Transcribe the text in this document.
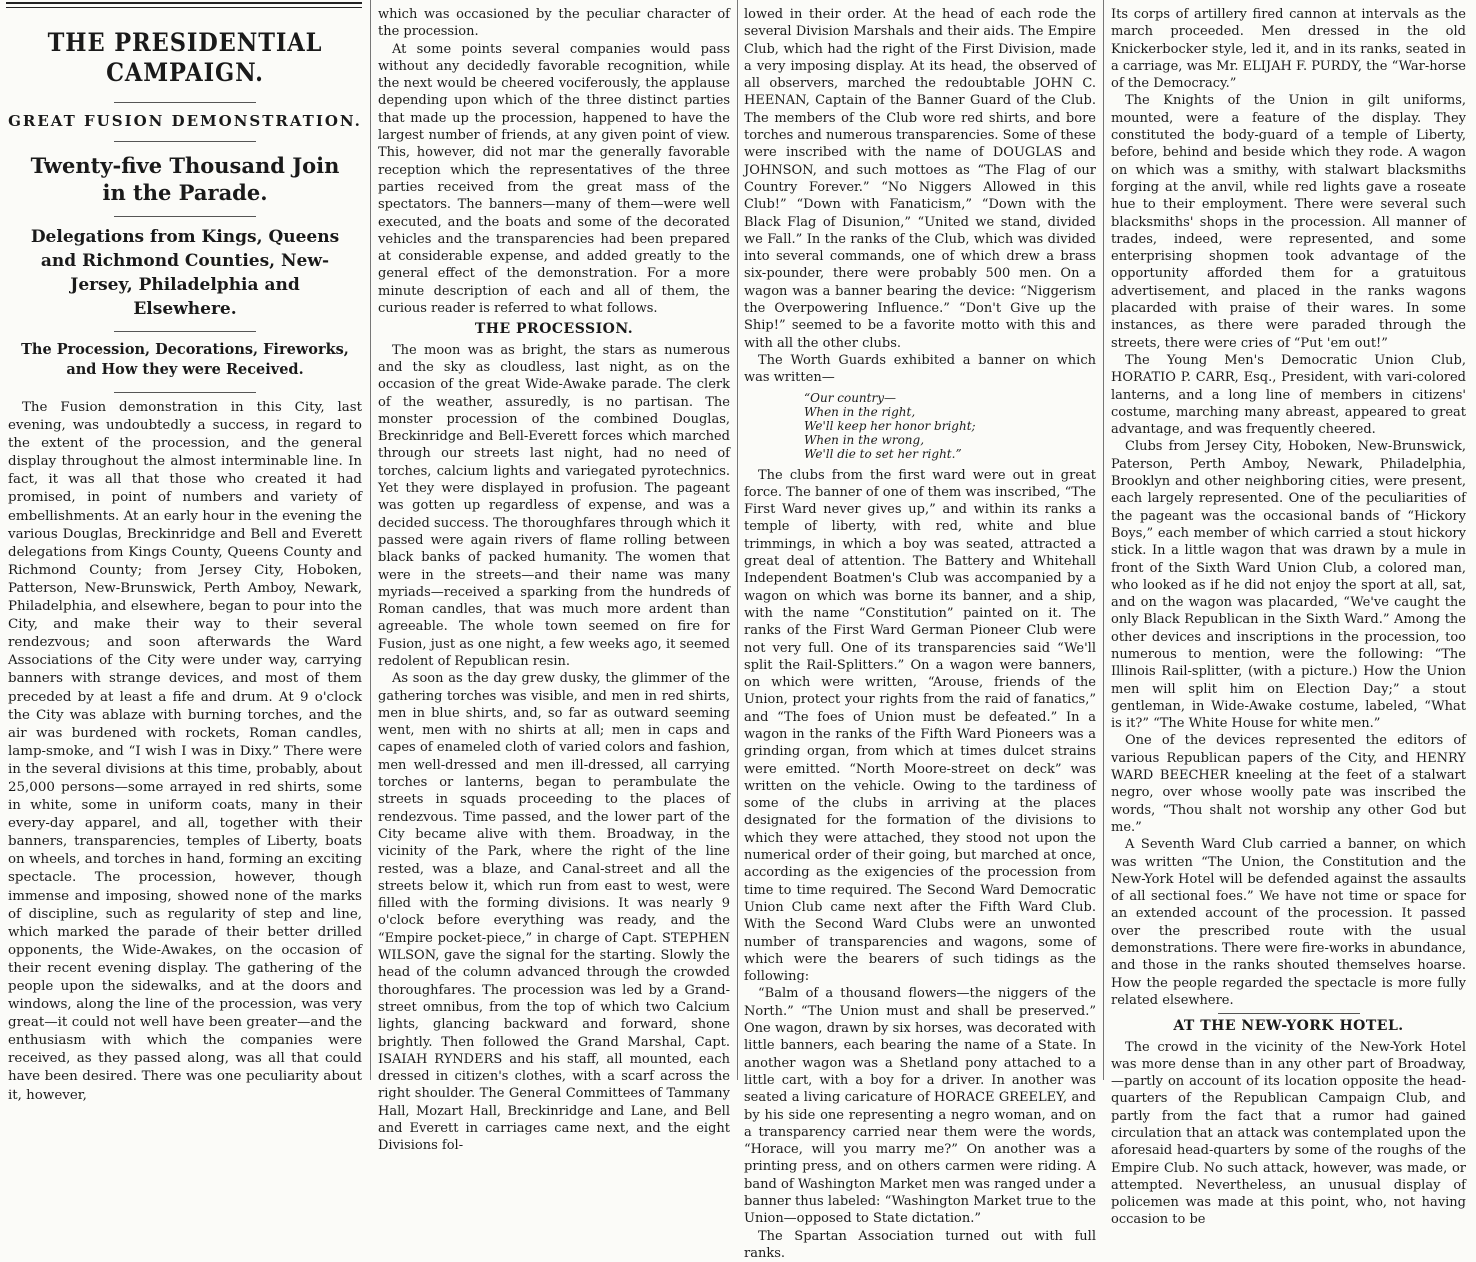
THE PRESIDENTIAL CAMPAIGN.
GREAT FUSION DEMONSTRATION.
Twenty-five Thousand Join in the Parade.
Delegations from Kings, Queens and Richmond Counties, New-Jersey, Philadelphia and Elsewhere.
The Procession, Decorations, Fireworks, and How they were Received.

The Fusion demonstration in this City, last evening, was undoubtedly a success, in regard to the extent of the procession, and the general display throughout the almost interminable line. In fact, it was all that those who created it had promised, in point of numbers and variety of embellishments. At an early hour in the evening the various Douglas, Breckinridge and Bell and Everett delegations from Kings County, Queens County and Richmond County; from Jersey City, Hoboken, Patterson, New-Brunswick, Perth Amboy, Newark, Philadelphia, and elsewhere, began to pour into the City, and make their way to their several rendezvous; and soon afterwards the Ward Associations of the City were under way, carrying banners with strange devices, and most of them preceded by at least a fife and drum. At 9 o'clock the City was ablaze with burning torches, and the air was burdened with rockets, Roman candles, lamp-smoke, and “I wish I was in Dixy.” There were in the several divisions at this time, probably, about 25,000 persons—some arrayed in red shirts, some in white, some in uniform coats, many in their every-day apparel, and all, together with their banners, transparencies, temples of Liberty, boats on wheels, and torches in hand, forming an exciting spectacle. The procession, however, though immense and imposing, showed none of the marks of discipline, such as regularity of step and line, which marked the parade of their better drilled opponents, the Wide-Awakes, on the occasion of their recent evening display. The gathering of the people upon the sidewalks, and at the doors and windows, along the line of the procession, was very great—it could not well have been greater—and the enthusiasm with which the companies were received, as they passed along, was all that could have been desired. There was one peculiarity about it, however,

which was occasioned by the peculiar character of the procession.

At some points several companies would pass without any decidedly favorable recognition, while the next would be cheered vociferously, the applause depending upon which of the three distinct parties that made up the procession, happened to have the largest number of friends, at any given point of view. This, however, did not mar the generally favorable reception which the representatives of the three parties received from the great mass of the spectators. The banners—many of them—were well executed, and the boats and some of the decorated vehicles and the transparencies had been prepared at considerable expense, and added greatly to the general effect of the demonstration. For a more minute description of each and all of them, the curious reader is referred to what follows.

THE PROCESSION.

The moon was as bright, the stars as numerous and the sky as cloudless, last night, as on the occasion of the great Wide-Awake parade. The clerk of the weather, assuredly, is no partisan. The monster procession of the combined Douglas, Breckinridge and Bell-Everett forces which marched through our streets last night, had no need of torches, calcium lights and variegated pyrotechnics. Yet they were displayed in profusion. The pageant was gotten up regardless of expense, and was a decided success. The thoroughfares through which it passed were again rivers of flame rolling between black banks of packed humanity. The women that were in the streets—and their name was many myriads—received a sparking from the hundreds of Roman candles, that was much more ardent than agreeable. The whole town seemed on fire for Fusion, just as one night, a few weeks ago, it seemed redolent of Republican resin.

As soon as the day grew dusky, the glimmer of the gathering torches was visible, and men in red shirts, men in blue shirts, and, so far as outward seeming went, men with no shirts at all; men in caps and capes of enameled cloth of varied colors and fashion, men well-dressed and men ill-dressed, all carrying torches or lanterns, began to perambulate the streets in squads proceeding to the places of rendezvous. Time passed, and the lower part of the City became alive with them. Broadway, in the vicinity of the Park, where the right of the line rested, was a blaze, and Canal-street and all the streets below it, which run from east to west, were filled with the forming divisions. It was nearly 9 o'clock before everything was ready, and the “Empire pocket-piece,” in charge of Capt. STEPHEN WILSON, gave the signal for the starting. Slowly the head of the column advanced through the crowded thoroughfares. The procession was led by a Grand-street omnibus, from the top of which two Calcium lights, glancing backward and forward, shone brightly. Then followed the Grand Marshal, Capt. ISAIAH RYNDERS and his staff, all mounted, each dressed in citizen's clothes, with a scarf across the right shoulder. The General Committees of Tammany Hall, Mozart Hall, Breckinridge and Lane, and Bell and Everett in carriages came next, and the eight Divisions fol-

lowed in their order. At the head of each rode the several Division Marshals and their aids. The Empire Club, which had the right of the First Division, made a very imposing display. At its head, the observed of all observers, marched the redoubtable JOHN C. HEENAN, Captain of the Banner Guard of the Club. The members of the Club wore red shirts, and bore torches and numerous transparencies. Some of these were inscribed with the name of DOUGLAS and JOHNSON, and such mottoes as “The Flag of our Country Forever.” “No Niggers Allowed in this Club!” “Down with Fanaticism,” “Down with the Black Flag of Disunion,” “United we stand, divided we Fall.” In the ranks of the Club, which was divided into several commands, one of which drew a brass six-pounder, there were probably 500 men. On a wagon was a banner bearing the device: “Niggerism the Overpowering Influence.” “Don't Give up the Ship!” seemed to be a favorite motto with this and with all the other clubs.

The Worth Guards exhibited a banner on which was written—

“Our country—
When in the right,
We'll keep her honor bright;
When in the wrong,
We'll die to set her right.”

The clubs from the first ward were out in great force. The banner of one of them was inscribed, “The First Ward never gives up,” and within its ranks a temple of liberty, with red, white and blue trimmings, in which a boy was seated, attracted a great deal of attention. The Battery and Whitehall Independent Boatmen's Club was accompanied by a wagon on which was borne its banner, and a ship, with the name “Constitution” painted on it. The ranks of the First Ward German Pioneer Club were not very full. One of its transparencies said “We'll split the Rail-Splitters.” On a wagon were banners, on which were written, “Arouse, friends of the Union, protect your rights from the raid of fanatics,” and “The foes of Union must be defeated.” In a wagon in the ranks of the Fifth Ward Pioneers was a grinding organ, from which at times dulcet strains were emitted. “North Moore-street on deck” was written on the vehicle. Owing to the tardiness of some of the clubs in arriving at the places designated for the formation of the divisions to which they were attached, they stood not upon the numerical order of their going, but marched at once, according as the exigencies of the procession from time to time required. The Second Ward Democratic Union Club came next after the Fifth Ward Club. With the Second Ward Clubs were an unwonted number of transparencies and wagons, some of which were the bearers of such tidings as the following:

“Balm of a thousand flowers—the niggers of the North.” “The Union must and shall be preserved.” One wagon, drawn by six horses, was decorated with little banners, each bearing the name of a State. In another wagon was a Shetland pony attached to a little cart, with a boy for a driver. In another was seated a living caricature of HORACE GREELEY, and by his side one representing a negro woman, and on a transparency carried near them were the words, “Horace, will you marry me?” On another was a printing press, and on others carmen were riding. A band of Washington Market men was ranged under a banner thus labeled: “Washington Market true to the Union—opposed to State dictation.”

The Spartan Association turned out with full ranks.

Its corps of artillery fired cannon at intervals as the march proceeded. Men dressed in the old Knickerbocker style, led it, and in its ranks, seated in a carriage, was Mr. ELIJAH F. PURDY, the “War-horse of the Democracy.”

The Knights of the Union in gilt uniforms, mounted, were a feature of the display. They constituted the body-guard of a temple of Liberty, before, behind and beside which they rode. A wagon on which was a smithy, with stalwart blacksmiths forging at the anvil, while red lights gave a roseate hue to their employment. There were several such blacksmiths' shops in the procession. All manner of trades, indeed, were represented, and some enterprising shopmen took advantage of the opportunity afforded them for a gratuitous advertisement, and placed in the ranks wagons placarded with praise of their wares. In some instances, as there were paraded through the streets, there were cries of “Put 'em out!”

The Young Men's Democratic Union Club, HORATIO P. CARR, Esq., President, with vari-colored lanterns, and a long line of members in citizens' costume, marching many abreast, appeared to great advantage, and was frequently cheered.

Clubs from Jersey City, Hoboken, New-Brunswick, Paterson, Perth Amboy, Newark, Philadelphia, Brooklyn and other neighboring cities, were present, each largely represented. One of the peculiarities of the pageant was the occasional bands of “Hickory Boys,” each member of which carried a stout hickory stick. In a little wagon that was drawn by a mule in front of the Sixth Ward Union Club, a colored man, who looked as if he did not enjoy the sport at all, sat, and on the wagon was placarded, “We've caught the only Black Republican in the Sixth Ward.” Among the other devices and inscriptions in the procession, too numerous to mention, were the following: “The Illinois Rail-splitter, (with a picture.) How the Union men will split him on Election Day;” a stout gentleman, in Wide-Awake costume, labeled, “What is it?” “The White House for white men.”

One of the devices represented the editors of various Republican papers of the City, and HENRY WARD BEECHER kneeling at the feet of a stalwart negro, over whose woolly pate was inscribed the words, “Thou shalt not worship any other God but me.”

A Seventh Ward Club carried a banner, on which was written “The Union, the Constitution and the New-York Hotel will be defended against the assaults of all sectional foes.” We have not time or space for an extended account of the procession. It passed over the prescribed route with the usual demonstrations. There were fire-works in abundance, and those in the ranks shouted themselves hoarse. How the people regarded the spectacle is more fully related elsewhere.

AT THE NEW-YORK HOTEL.

The crowd in the vicinity of the New-York Hotel was more dense than in any other part of Broadway,—partly on account of its location opposite the head-quarters of the Republican Campaign Club, and partly from the fact that a rumor had gained circulation that an attack was contemplated upon the aforesaid head-quarters by some of the roughs of the Empire Club. No such attack, however, was made, or attempted. Nevertheless, an unusual display of policemen was made at this point, who, not having occasion to be
